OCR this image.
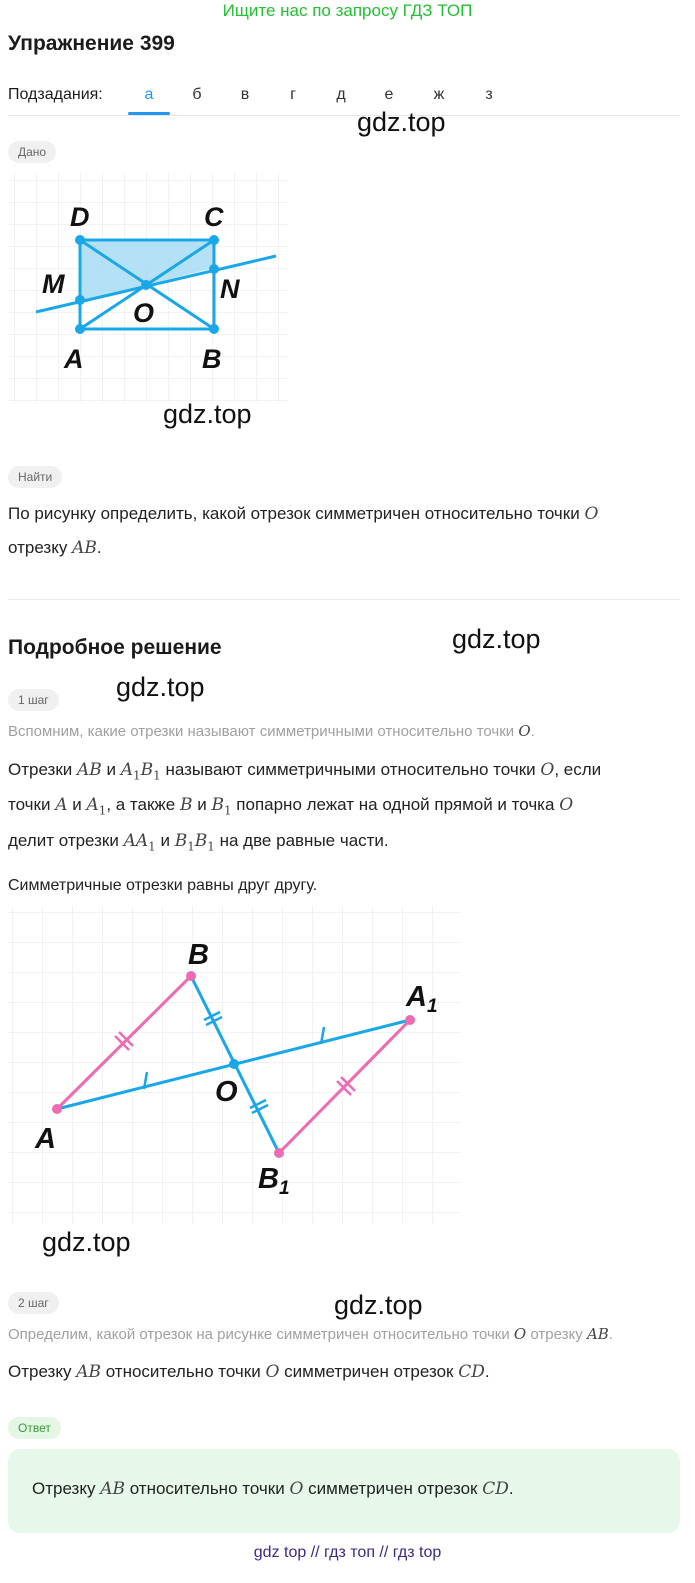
Ищите нас по запросу ГДЗ ТОП
Упражнение 399
Подзадания:	а	б	в	г	д	е	ж	з
gdz.top
Дано
D	C
M	N
O
A	B
gdz.top
Найти
По рисунку определить, какой отрезок симметричен относительно точки O
отрезку AB.
Подробное решение	gdz.top
1 шаг	gdz.top
Вспомним, какие отрезки называют симметричными относительно точки O.
Отрезки AB и $A_1B_1$ называют симметричными относительно точки O, если
точки A и $A_1$, а также B и $B_1$ попарно лежат на одной прямой и точка O
делит отрезки $AA_1$ и $B_1B_1$ на две равные части.
Симметричные отрезки равны друг другу.
B
$A_1$
O
A
$B_1$
gdz.top
2 шаг	gdz.top
Определим, какой отрезок на рисунке симметричен относительно точки O отрезку AB.
Отрезку AB относительно точки O симметричен отрезок CD.
Ответ
Отрезку AB относительно точки O симметричен отрезок CD.
gdz top // гдз топ // гдз top
